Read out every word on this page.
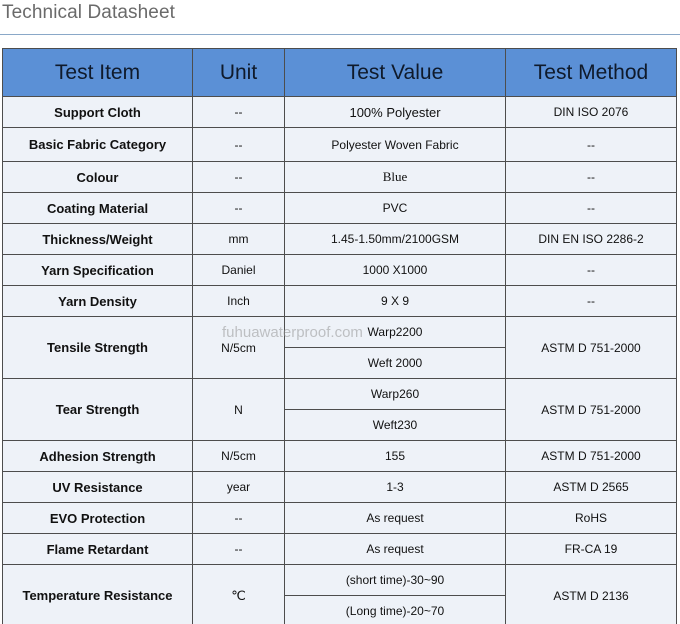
Technical Datasheet
Test Item	Unit	Test Value	Test Method
Support Cloth	--	100% Polyester	DIN ISO 2076
Basic Fabric Category	--	Polyester Woven Fabric	--
Colour	--	Blue	--
Coating Material	--	PVC	--
Thickness/Weight	mm	1.45-1.50mm/2100GSM	DIN EN ISO 2286-2
Yarn Specification	Daniel	1000 X1000	--
Yarn Density	Inch	9 X 9	--
Tensile Strength	N/5cm	Warp2200	ASTM D 751-2000
		Weft 2000	
Tear Strength	N	Warp260	ASTM D 751-2000
		Weft230	
Adhesion Strength	N/5cm	155	ASTM D 751-2000
UV Resistance	year	1-3	ASTM D 2565
EVO Protection	--	As request	RoHS
Flame Retardant	--	As request	FR-CA 19
Temperature Resistance	℃	(short time)-30~90	ASTM D 2136
		(Long time)-20~70	
fuhuawaterproof.com
